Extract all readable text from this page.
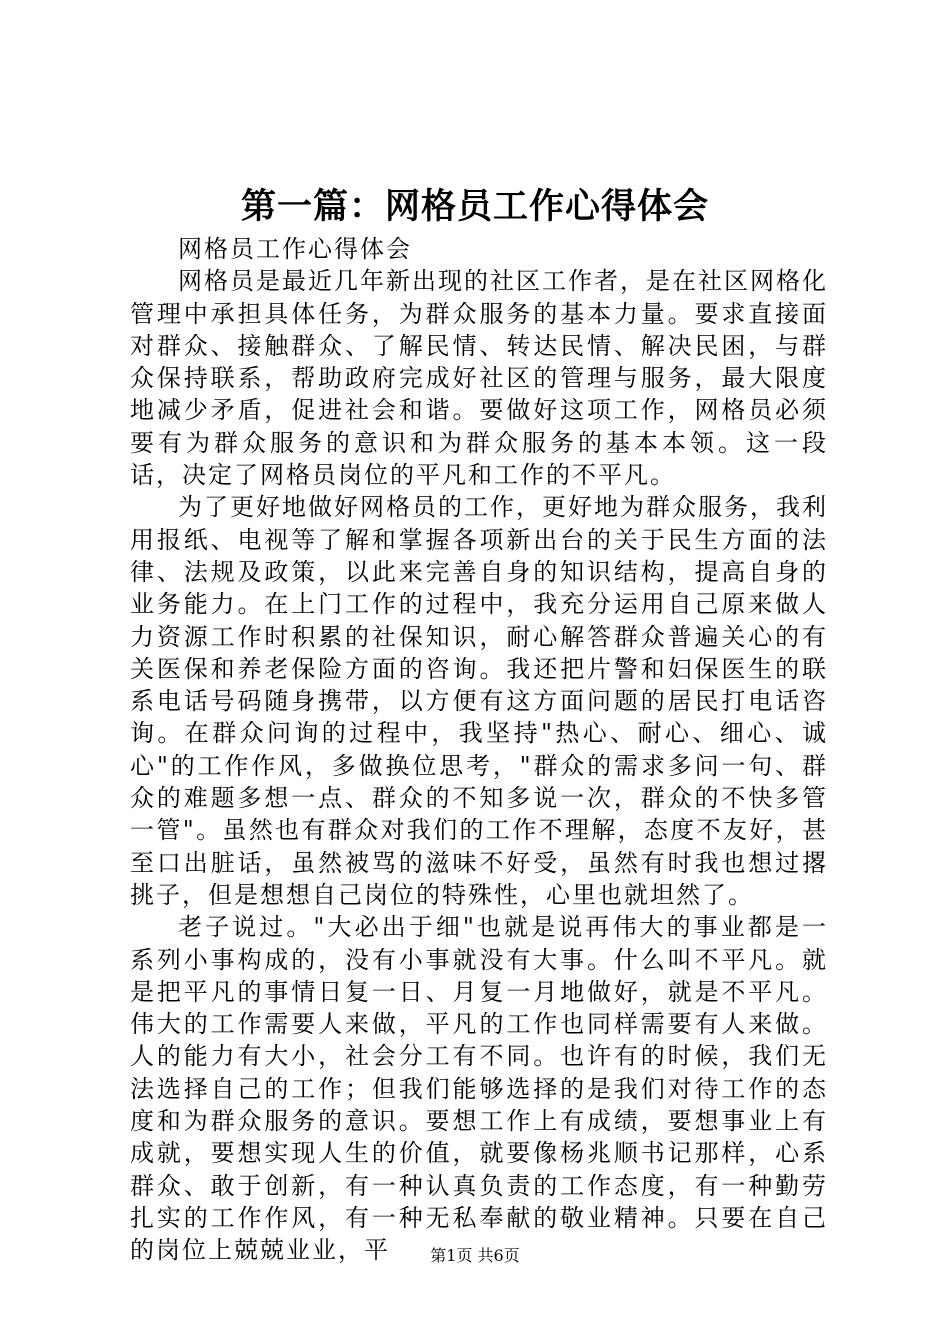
第一篇：网格员工作心得体会

网格员工作心得体会

网格员是最近几年新出现的社区工作者，是在社区网格化管理中承担具体任务，为群众服务的基本力量。要求直接面对群众、接触群众、了解民情、转达民情、解决民困，与群众保持联系，帮助政府完成好社区的管理与服务，最大限度地减少矛盾，促进社会和谐。要做好这项工作，网格员必须要有为群众服务的意识和为群众服务的基本本领。这一段话，决定了网格员岗位的平凡和工作的不平凡。

为了更好地做好网格员的工作，更好地为群众服务，我利用报纸、电视等了解和掌握各项新出台的关于民生方面的法律、法规及政策，以此来完善自身的知识结构，提高自身的业务能力。在上门工作的过程中，我充分运用自己原来做人力资源工作时积累的社保知识，耐心解答群众普遍关心的有关医保和养老保险方面的咨询。我还把片警和妇保医生的联系电话号码随身携带，以方便有这方面问题的居民打电话咨询。在群众问询的过程中，我坚持"热心、耐心、细心、诚心"的工作作风，多做换位思考，"群众的需求多问一句、群众的难题多想一点、群众的不知多说一次，群众的不快多管一管"。虽然也有群众对我们的工作不理解，态度不友好，甚至口出脏话，虽然被骂的滋味不好受，虽然有时我也想过撂挑子，但是想想自己岗位的特殊性，心里也就坦然了。

老子说过。"大必出于细"也就是说再伟大的事业都是一系列小事构成的，没有小事就没有大事。什么叫不平凡。就是把平凡的事情日复一日、月复一月地做好，就是不平凡。伟大的工作需要人来做，平凡的工作也同样需要有人来做。人的能力有大小，社会分工有不同。也许有的时候，我们无法选择自己的工作；但我们能够选择的是我们对待工作的态度和为群众服务的意识。要想工作上有成绩，要想事业上有成就，要想实现人生的价值，就要像杨兆顺书记那样，心系群众、敢于创新，有一种认真负责的工作态度，有一种勤劳扎实的工作作风，有一种无私奉献的敬业精神。只要在自己的岗位上兢兢业业，平	第1页 共6页
